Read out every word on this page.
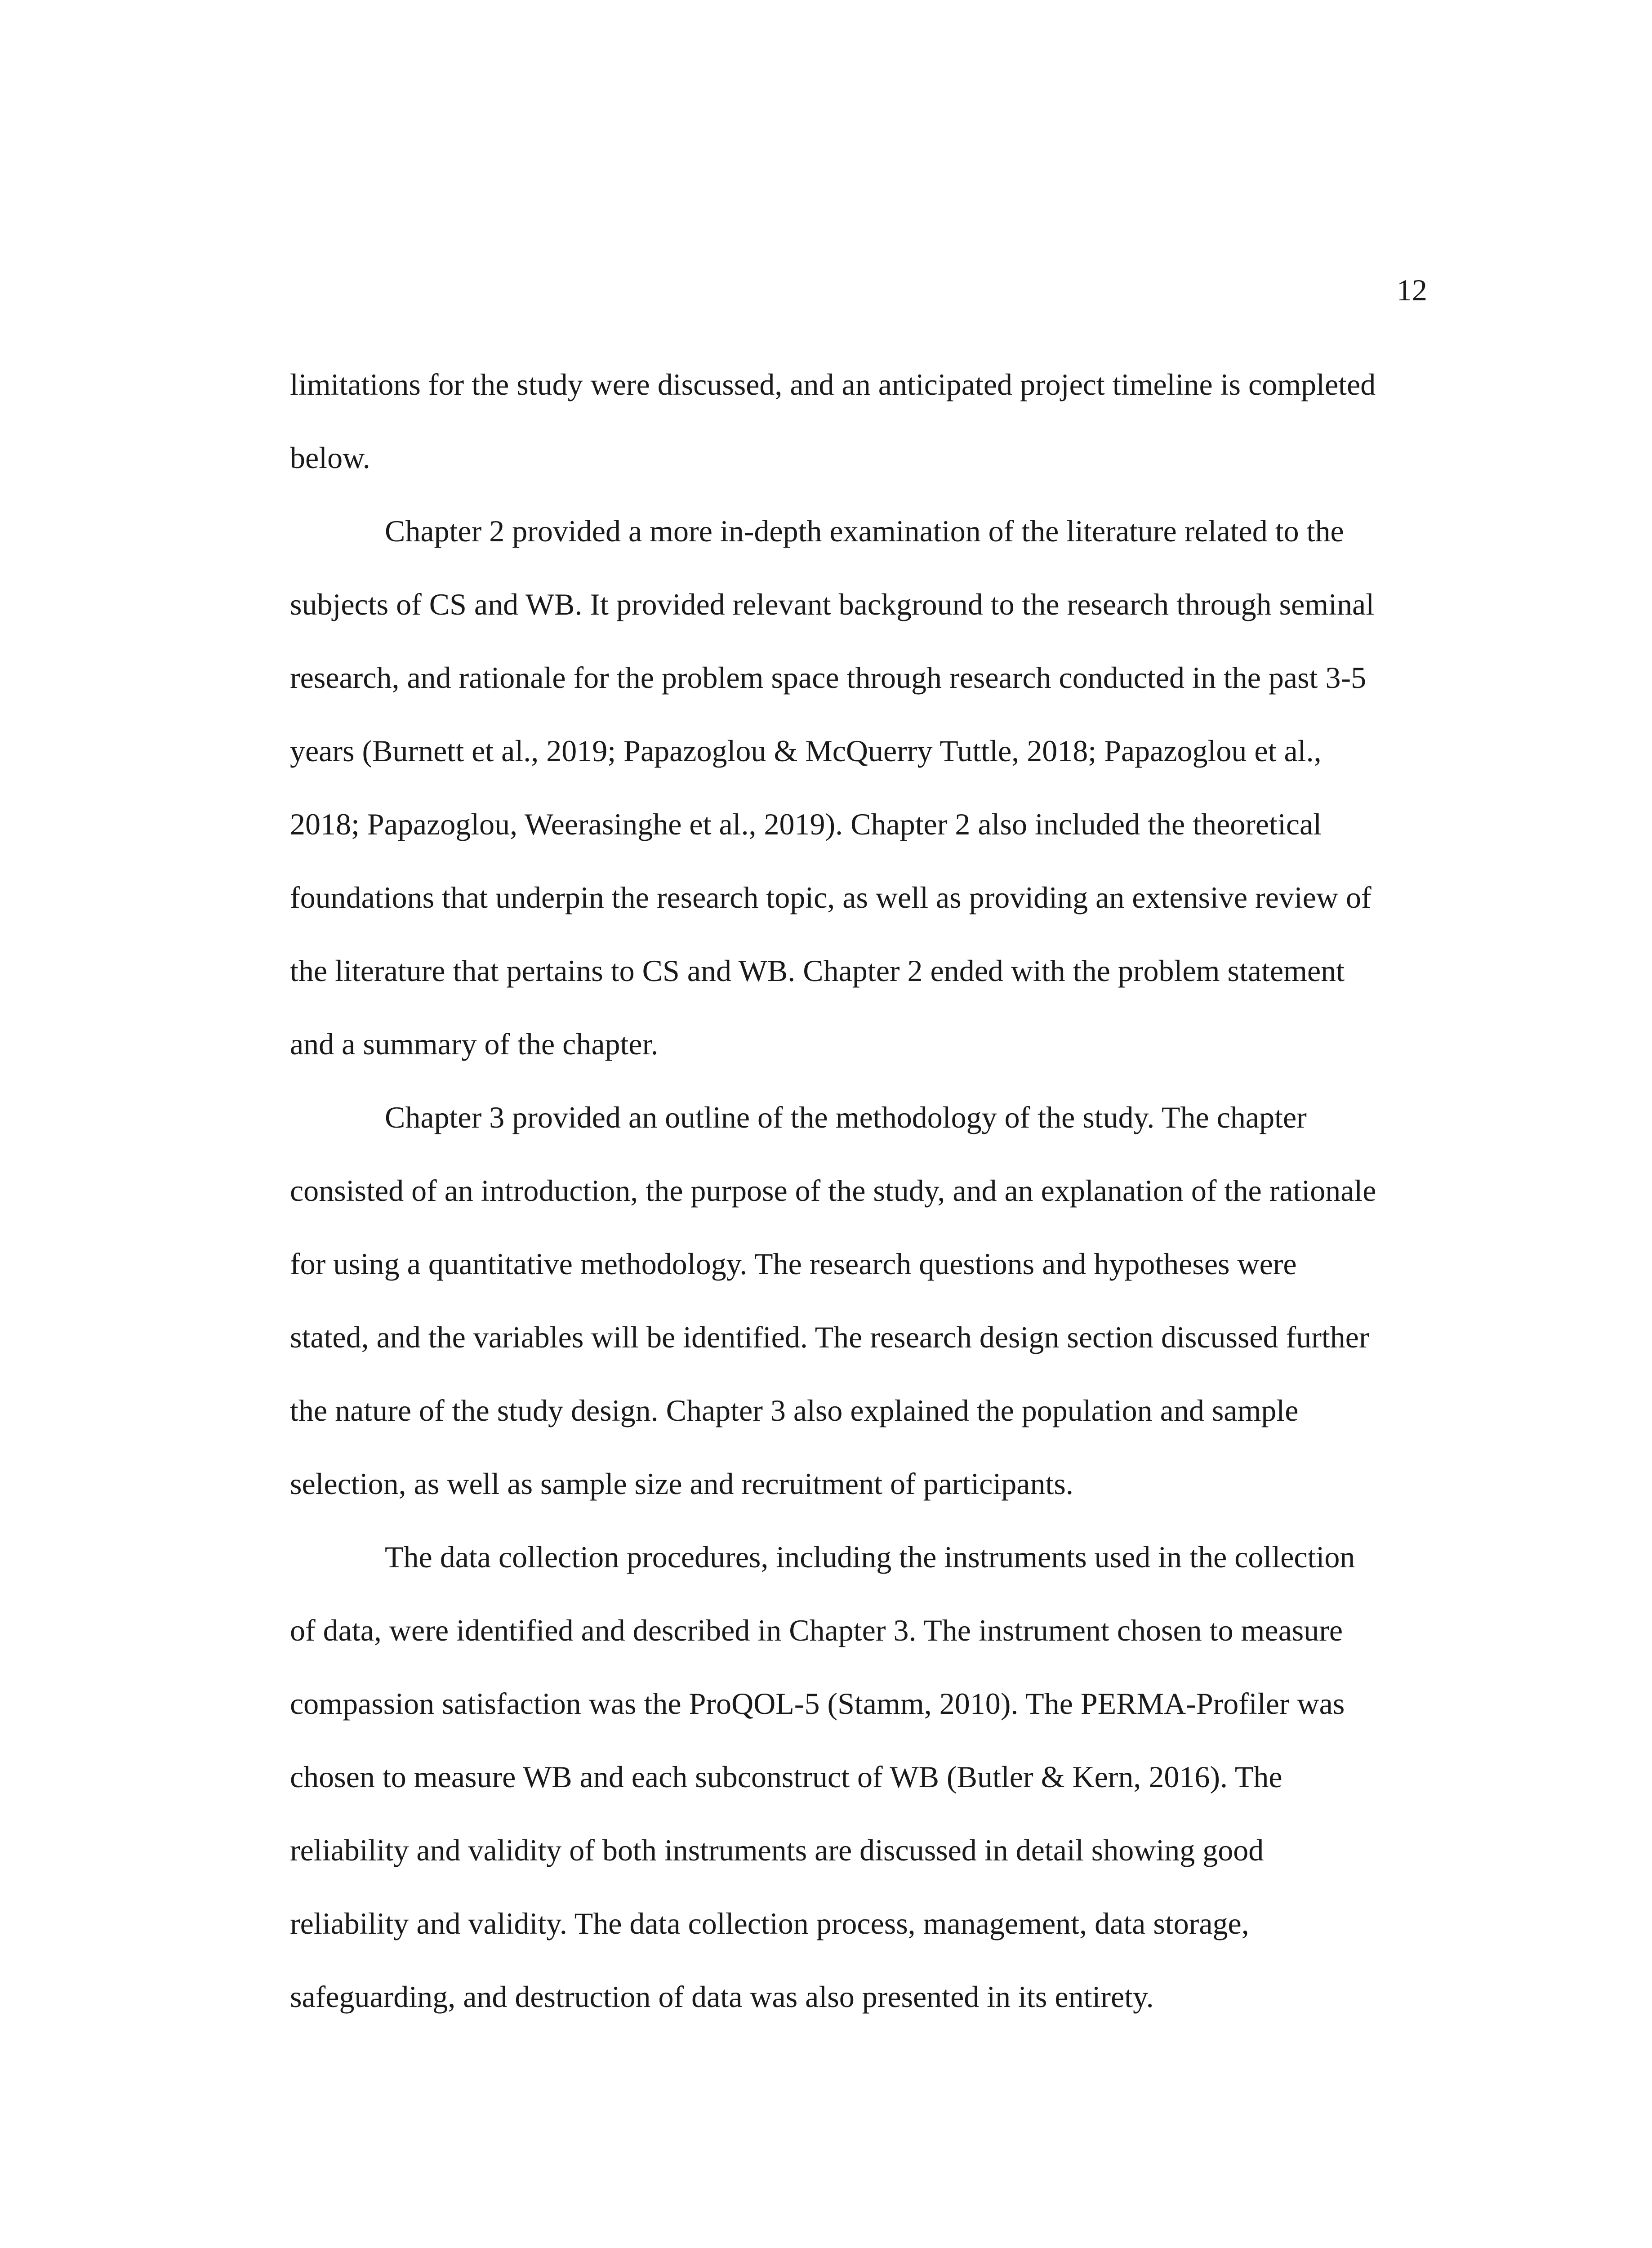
12
limitations for the study were discussed, and an anticipated project timeline is completed
below.
Chapter 2 provided a more in-depth examination of the literature related to the
subjects of CS and WB. It provided relevant background to the research through seminal
research, and rationale for the problem space through research conducted in the past 3-5
years (Burnett et al., 2019; Papazoglou & McQuerry Tuttle, 2018; Papazoglou et al.,
2018; Papazoglou, Weerasinghe et al., 2019). Chapter 2 also included the theoretical
foundations that underpin the research topic, as well as providing an extensive review of
the literature that pertains to CS and WB. Chapter 2 ended with the problem statement
and a summary of the chapter.
Chapter 3 provided an outline of the methodology of the study. The chapter
consisted of an introduction, the purpose of the study, and an explanation of the rationale
for using a quantitative methodology. The research questions and hypotheses were
stated, and the variables will be identified. The research design section discussed further
the nature of the study design. Chapter 3 also explained the population and sample
selection, as well as sample size and recruitment of participants.
The data collection procedures, including the instruments used in the collection
of data, were identified and described in Chapter 3. The instrument chosen to measure
compassion satisfaction was the ProQOL-5 (Stamm, 2010). The PERMA-Profiler was
chosen to measure WB and each subconstruct of WB (Butler & Kern, 2016). The
reliability and validity of both instruments are discussed in detail showing good
reliability and validity. The data collection process, management, data storage,
safeguarding, and destruction of data was also presented in its entirety.
